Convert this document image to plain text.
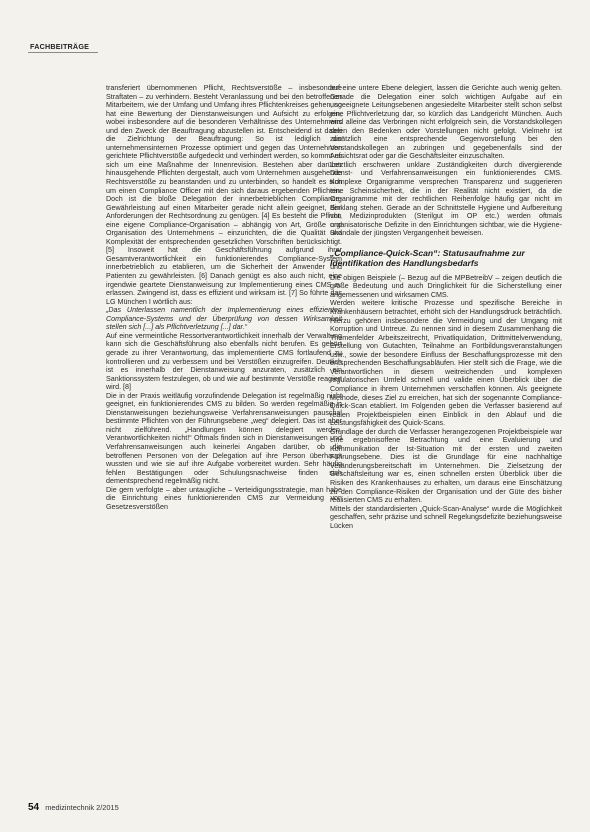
FACHBEITRÄGE

transferiert übernommenen Pflicht, Rechtsverstöße – insbesondere Straftaten – zu verhindern. Besteht Veranlassung und bei den betroffenen Mitarbeitern, wie der Umfang und Umfang ihres Pflichtenkreises gehen, so hat eine Bewertung der Dienstanweisungen und Aufsicht zu erfolgen, wobei insbesondere auf die besonderen Verhältnisse des Unternehmens und den Zweck der Beauftragung abzustellen ist. Entscheidend ist dabei die Zielrichtung der Beauftragung: So ist lediglich die unternehmensinternen Prozesse optimiert und gegen das Unternehmen gerichtete Pflichtverstöße aufgedeckt und verhindert werden, so kommt es sich um eine Maßnahme der Innenrevision. Bestehen aber darüber hinausgehende Pflichten dergestalt, auch vom Unternehmen ausgehende Rechtsverstöße zu beanstanden und zu unterbinden, so handelt es sich um einen Compliance Officer mit den sich daraus ergebenden Pflichten. Doch ist die bloße Delegation der innerbetrieblichen Compliance-Gewährleistung auf einen Mitarbeiter gerade nicht allein geeignet, den Anforderungen der Rechtsordnung zu genügen. [4] Es besteht die Pflicht, eine eigene Compliance-Organisation – abhängig von Art, Größe und Organisation des Unternehmens – einzurichten, die die Qualität und Komplexität der entsprechenden gesetzlichen Vorschriften berücksichtigt. [5] Insoweit hat die Geschäftsführung aufgrund ihrer Gesamtverantwortlichkeit ein funktionierendes Compliance-System innerbetrieblich zu etablieren, um die Sicherheit der Anwender und Patienten zu gewährleisten. [6] Danach genügt es also auch nicht, eine irgendwie geartete Dienstanweisung zur Implementierung eines CMS zu erlassen. Zwingend ist, dass es effizient und wirksam ist. [7] So führte das LG München I wörtlich aus:

„Das Unterlassen namentlich der Implementierung eines effizienten Compliance-Systems und der Überprüfung von dessen Wirksamkeit stellen sich [...] als Pflichtverletzung [...] dar.“

Auf eine vermeintliche Ressortverantwortlichkeit innerhalb der Verwaltung kann sich die Geschäftsführung also ebenfalls nicht berufen. Es gehört gerade zu ihrer Verantwortung, das implementierte CMS fortlaufend zu kontrollieren und zu verbessern und bei Verstößen einzugreifen. Deutlich ist es innerhalb der Dienstanweisung anzuraten, zusätzlich ein Sanktionssystem festzulegen, ob und wie auf bestimmte Verstöße reagiert wird. [8]

Die in der Praxis weitläufig vorzufindende Delegation ist regelmäßig nicht geeignet, ein funktionierendes CMS zu bilden. So werden regelmäßig in Dienstanweisungen beziehungsweise Verfahrensanweisungen pauschal bestimmte Pflichten von der Führungsebene „weg“ delegiert. Das ist aber nicht zielführend. „Handlungen können delegiert werden, Verantwortlichkeiten nicht!“ Oftmals finden sich in Dienstanweisungen und Verfahrensanweisungen auch keinerlei Angaben darüber, ob die betroffenen Personen von der Delegation auf ihre Person überhaupt wussten und wie sie auf ihre Aufgabe vorbereitet wurden. Sehr häufig fehlen Bestätigungen oder Schulungsnachweise finden sich dementsprechend regelmäßig nicht.

Die gern verfolgte – aber untaugliche – Verteidigungsstrategie, man habe die Einrichtung eines funktionierenden CMS zur Vermeidung von Gesetzesverstößen

auf eine untere Ebene delegiert, lassen die Gerichte auch wenig gelten. Gerade die Delegation einer solch wichtigen Aufgabe auf ein ungeeignete Leitungsebenen angesiedelte Mitarbeiter stellt schon selbst eine Pflichtverletzung dar, so kürzlich das Landgericht München. Auch wird alleine das Verbringen nicht erfolgreich sein, die Vorstandskollegen selen den Bedenken oder Vorstellungen nicht gefolgt. Vielmehr ist zusätzlich eine entsprechende Gegenvorstellung bei den Vorstandskollegen an zubringen und gegebenenfalls sind der Aufsichtsrat oder gar die Geschäftsleiter einzuschalten.

Letztlich erschweren unklare Zuständigkeiten durch divergierende Dienst- und Verfahrensanweisungen ein funktionierendes CMS. Komplexe Organigramme versprechen Transparenz und suggerieren eine Scheinsicherheit, die in der Realität nicht existiert, da die Organigramme mit der rechtlichen Reihenfolge häufig gar nicht im Einklang stehen. Gerade an der Schnittstelle Hygiene und Aufbereitung von Medizinprodukten (Sterilgut im OP etc.) werden oftmals organisatorische Defizite in den Einrichtungen sichtbar, wie die Hygiene-Skandale der jüngsten Vergangenheit beweisen.

„Compliance-Quick-Scan“: Statusaufnahme zur Identifikation des Handlungsbedarfs

Die obigen Beispiele (– Bezug auf die MPBetreibV – zeigen deutlich die große Bedeutung und auch Dringlichkeit für die Sicherstellung einer angemessenen und wirksamen CMS.

Werden weitere kritische Prozesse und spezifische Bereiche in Krankenhäusern betrachtet, erhöht sich der Handlungsdruck beträchtlich. Hierzu gehören insbesondere die Vermeidung und der Umgang mit Korruption und Untreue. Zu nennen sind in diesem Zusammenhang die Themenfelder Arbeitszeitrecht, Privatliquidation, Drittmittelverwendung, Erstellung von Gutachten, Teilnahme an Fortbildungsveranstaltungen usw., sowie der besondere Einfluss der Beschaffungsprozesse mit den entsprechenden Beschaffungsabläufen. Hier stellt sich die Frage, wie die Verantwortlichen in diesem weitreichenden und komplexen regulatorischen Umfeld schnell und valide einen Überblick über die Compliance in ihrem Unternehmen verschaffen können. Als geeignete Methode, dieses Ziel zu erreichen, hat sich der sogenannte Compliance-Quick-Scan etabliert. Im Folgenden geben die Verfasser basierend auf realen Projektbeispielen einen Einblick in den Ablauf und die Leistungsfähigkeit des Quick-Scans.

Grundlage der durch die Verfasser herangezogenen Projektbeispiele war eine ergebnisoffene Betrachtung und eine Evaluierung und Kommunikation der Ist-Situation mit der ersten und zweiten Führungsebene. Dies ist die Grundlage für eine nachhaltige Veränderungsbereitschaft im Unternehmen. Die Zielsetzung der Geschäftsleitung war es, einen schnellen ersten Überblick über die Risiken des Krankenhauses zu erhalten, um daraus eine Einschätzung zu den Compliance-Risiken der Organisation und der Güte des bisher realisierten CMS zu erhalten.

Mittels der standardisierten „Quick-Scan-Analyse“ wurde die Möglichkeit geschaffen, sehr präzise und schnell Regelungsdefizite beziehungsweise Lücken

54 medizintechnik 2/2015
